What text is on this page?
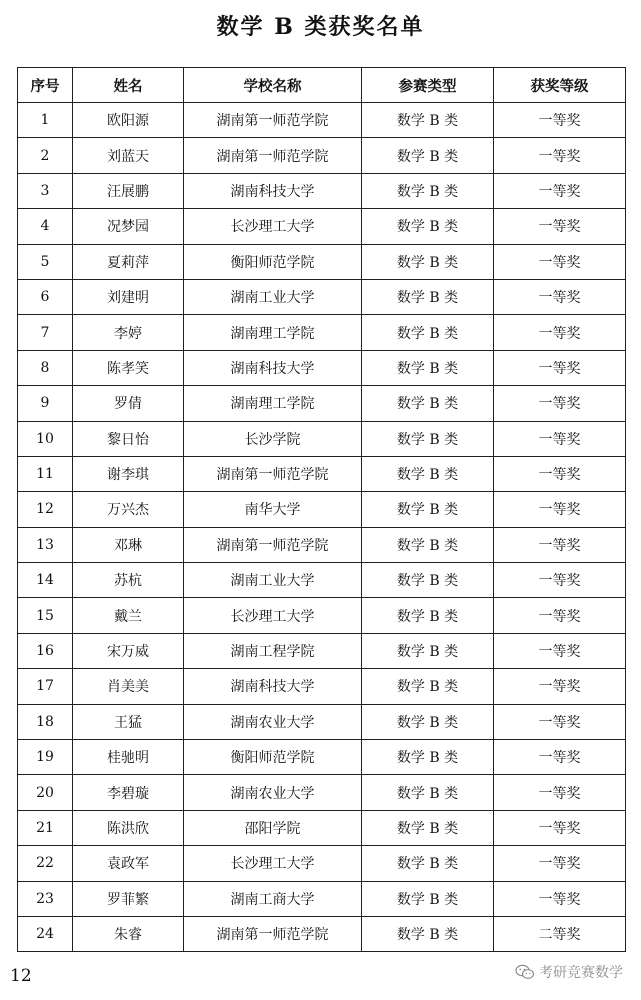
数学 B 类获奖名单
序号	姓名	学校名称	参赛类型	获奖等级
1	欧阳源	湖南第一师范学院	数学 B 类	一等奖
2	刘蓝天	湖南第一师范学院	数学 B 类	一等奖
3	汪展鹏	湖南科技大学	数学 B 类	一等奖
4	况梦园	长沙理工大学	数学 B 类	一等奖
5	夏莉萍	衡阳师范学院	数学 B 类	一等奖
6	刘建明	湖南工业大学	数学 B 类	一等奖
7	李婷	湖南理工学院	数学 B 类	一等奖
8	陈孝笑	湖南科技大学	数学 B 类	一等奖
9	罗倩	湖南理工学院	数学 B 类	一等奖
10	黎日怡	长沙学院	数学 B 类	一等奖
11	谢李琪	湖南第一师范学院	数学 B 类	一等奖
12	万兴杰	南华大学	数学 B 类	一等奖
13	邓琳	湖南第一师范学院	数学 B 类	一等奖
14	苏杭	湖南工业大学	数学 B 类	一等奖
15	戴兰	长沙理工大学	数学 B 类	一等奖
16	宋万威	湖南工程学院	数学 B 类	一等奖
17	肖美美	湖南科技大学	数学 B 类	一等奖
18	王猛	湖南农业大学	数学 B 类	一等奖
19	桂驰明	衡阳师范学院	数学 B 类	一等奖
20	李碧璇	湖南农业大学	数学 B 类	一等奖
21	陈洪欣	邵阳学院	数学 B 类	一等奖
22	袁政军	长沙理工大学	数学 B 类	一等奖
23	罗菲繁	湖南工商大学	数学 B 类	一等奖
24	朱睿	湖南第一师范学院	数学 B 类	二等奖
12	考研竞赛数学
